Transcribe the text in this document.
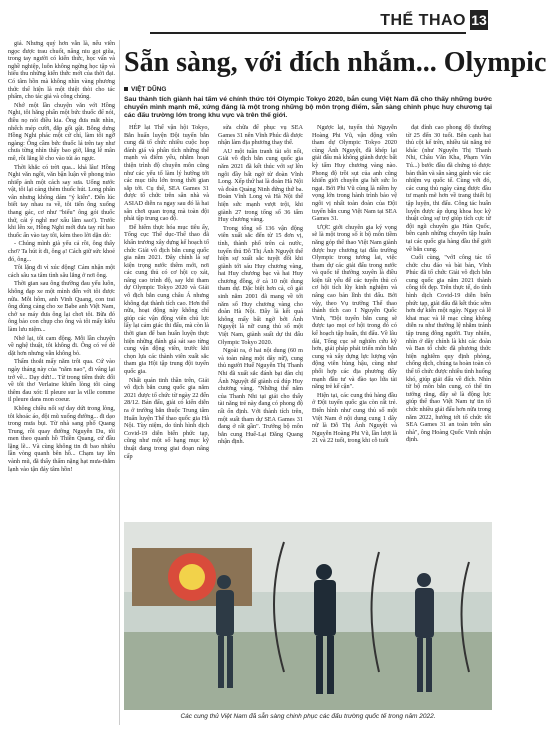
THỂ THAO 13

giả. Nhưng quý hơn vẫn là, nếu viên ngọc được trau chuốt, nâng niu gọt giũa, trong tay người có kiến thức, học vấn và nghề nghiệp, luôn không ngừng học tập và hiểu thu những kiến thức mới của thời đại. Có tâm hồn mà không nhìn vàng phương thức thể hiện là một thiệt thòi cho tác phẩm, cho tác giả và công chúng.

Nhớ một lần chuyện văn với Hồng Nghi, tôi hăng phấn một bức thuốc để nói, điều nọ nói điều kia. Ông đưa mắt nhìn, nhếch mép cười, đắp gối gật. Bỗng dưng Hồng Nghi phác một cử chỉ, làm tôi ngỡ ngàng: Ông cầm bức thuốc lá trên tay như chưa từng nhìn thấy bao giờ, lắng lẽ mân mê, rồi lẳng lẽ cho vào túi áo ngực.

Thời khắc có trời qua... khá lâu! Hồng Nghi văn ngồi, văn bận luận về phong trào nhiếp ảnh một cách say sưa. Uống nước vật, tôi lại cảng thèm thuốc hút. Long phân vân nhưng không dám "ý kiến". Đến lúc biết tay nhau ra về, tôi tiến ông xuống thang gác, cơ như "biểu" ông gói thuốc thứ, cái ý nghĩ mơ xấu lâm sao!). Trước khi lên xe, Hồng Nghi mới đưa tay rút bao thuốc ấn vào tay tôi, kèm theo lời dặn dò:

- Chúng mình già yếu cả rồi, ông thấy chơ? Ta hút ít đi, ông ạ! Cách giữ sức khoẻ đó, ông...

Tôi lặng đi vì xúc động! Cảm nhận một cách sâu xa tâm tình sâu lắng ở nơi ông.

Thời gian sau ông thường đau yếu luôn, không đạp xe một mình đến với tôi được nữa. Mỗi hôm, anh Vinh Quang, con trai ông dùng cảng cho xe Babe anh Việt Nam, chở xe máy đưa ông lại chơi tôi. Bữa đó ông bảo con chụp cho ông và tôi mấy kiểu làm lưu niệm...

Nhớ lại, tôi cam động. Mỗi lần chuyện về nghệ thuật, tôi không đi. Ông có vẻ dè dặt hơn nhưng vẫn không bỏ.

Thấm thoắt mấy năm trôi qua. Cứ vào ngày tháng này của "năm nao", đi vâng lại trở về... Dạy dứt!... Từ trong tiềm thức đối về tôi thơ Verlaine khiến lòng tôi càng thêm đau xót: Il pleure sur la ville comme il pleure dans mon coeur.

Không chiều nối sự day dứt trong lòng, tôi khoác áo, đội mũ xuống đường... đi dạo trong mưa bụi. Từ nhà sang phố Quang Trung, rồi quay đường Nguyễn Du, tôi men theo quanh hồ Thiền Quang, cứ đầu lặng lẽ... Và cùng không tin đi bao nhiêu lần vòng quanh bên hồ... Chạm tay lên vành mũ, đã thấy thấm nặng hạt mưa-thắm lạnh vào tận đáy tâm hồn!

Sẵn sàng, với đích nhắm... Olympic
VIỆT DŨNG
Sau thành tích giành hai tấm vé chính thức tới Olympic Tokyo 2020, bắn cung Việt Nam đã cho thấy những bước chuyển mình mạnh mẽ, xứng đáng là một trong những bộ môn trọng điểm, sẵn sàng chinh phục huy chương tại các đấu trường lớn trong khu vực và trên thế giới.

HÉP lại Thế vận hội Tokyo, Bắn huấn luyện Đội tuyển bắn cung đã tổ chức nhiều cuộc hop đánh giá và phân tích những thế mạnh và điểm yếu, nhằm hoạn thiện trình độ chuyên môn cũng như các yếu tố làm lý hướng tới các mục tiêu lớn trong thời gian sắp tới. Cụ thể, SEA Games 31 được tổ chức trên sân nhà và ASIAD diễn ra ngay sau đó là hai sân chơi quan trọng mà toàn đội phải tập trung cao độ.

Để hiểm thực hóa mục tiêu ấy, Tổng cục Thể dục-Thể thao đã khẩn trương xây dựng kế hoạch tổ chức Giải vô địch bắn cung quốc gia năm 2021. Đây chính là sự kiện trọng nước thêm mới, nơi các cung thủ có cơ hội cọ xát, nâng cao trình độ, say khi tham dự Olympic Tokyo 2020 và Giải vô địch bắn cung châu Á nhưng không đạt thành tích cao. Hơn thế nữa, hoạt động này không chỉ giúp các vận động viên chủ lực lấy lại cảm giác thi đấu, mà còn là thời gian để ban huấn luyện thực hiện những đánh giá sát sao từng cung vận động viên, trước khi chọn lựa các thành viên xuất sắc tham gia Hội tập trung đội tuyển quốc gia.

Nhất quán tinh thần trên, Giải vô địch bắn cung quốc gia năm 2021 được tổ chức từ ngày 22 đến 28/12. Bản đấu, giải có kiến diễn ra ở trường bắn thuộc Trung tâm Huấn luyện Thể thao quốc gia Hà Nội. Tùy niệm, do tình hình dịch Covid-19 diễn biến phức tạp, cũng như một số hạng mục kỹ thuật đang trong giai đoạn nâng cấp

sửa chữa để phục vụ SEA Games 31 nên Vĩnh Phúc đã được nhận làm địa phương thay thế.

AU một tuần tranh tài sôi nổi, Giải vô địch bắn cung quốc gia năm 2021 đã kết thúc với sự lên ngôi đầy bất ngờ từ đoàn Vĩnh Long. Xếp thứ hai là đoàn Hà Nội và đoàn Quảng Ninh đứng thứ ba. Đoàn Vĩnh Long và Hà Nội thể hiện sức mạnh vượt trội, khi giành 27 trong tổng số 36 tấm Huy chương vàng.

Trong tổng số 136 vận động viên xuất sắc đến từ 15 đơn vị, tỉnh, thành phố trên cả nước, tuyển thủ Đỗ Thị Ánh Nguyệt thể hiện sự xuất sắc tuyệt đối khi giành tới sáu Huy chương vàng, hai Huy chương bạc và hai Huy chương đồng, ở cả 10 nội dung tham dự. Đặc biệt hơn cả, cô gái sinh năm 2001 đã mang về tới năm số Huy chương vàng cho đoàn Hà Nội. Đây là kết quả không mấy bất ngờ bởi Ánh Nguyệt là nữ cung thủ số một Việt Nam, giành suất dự thi đấu Olympic Tokyo 2020.

Ngoài ra, ở hai nội dung (60 m và toàn năng một dây nữ), cung thủ người Huế Nguyễn Thị Thanh Nhi đã xuất sắc đánh bại đàn chị Ánh Nguyệt để giành cú đúp Huy chương vàng. "Những thế năm của Thanh Nhi tại giải cho thấy tài năng trẻ này đang có phong độ rất ổn định. Với thành tích trên, một suất tham dự SEA Games 31 đang ở rất gần". Trưởng bộ môn bắn cung Huế-Lại Đăng Quang nhận định.

Ngược lại, tuyển thủ Nguyễn Hoàng Phi Vũ, vận động viên tham dự Olympic Tokyo 2020 cùng Ánh Nguyệt, đã khép lại giải đấu mà không giành được bất kỳ tấm Huy chương vàng nào. Phong độ trồi sụt của anh cũng khiến giới chuyên gia hết sức lo ngại. Bởi Phi Vũ cùng là niềm hy vọng lớn trong hành trình bảo vệ ngôi vị nhất toàn đoàn của Đội tuyển bắn cung Việt Nam tại SEA Games 31.

ƯỢC giới chuyên gia ký vọng sẽ là một trong số ít bộ môn tiềm năng góp thể thao Việt Nam giành được huy chương tại đấu trường Olympic trong tương lai, việc tham dự các giải đấu trong nước và quốc tế thường xuyên là điều kiện tất yếu để các tuyển thủ có cơ hội tích lũy kinh nghiệm và nâng cao bản lĩnh thi đấu. Bởi vậy, theo Vụ trưởng Thể thao thành tích cao I Nguyễn Quốc Vinh, "Đội tuyển bắn cung sẽ được tạo mọi cơ hội trong đó có kế hoạch tập huấn, thi đấu. Về lâu dài, Tổng cục sẽ nghiên cứu kỹ hơn, giải pháp phát triển môn bắn cung và xây dựng lực lượng vận động viên hùng hậu, cùng như phối hợp các địa phương đẩy mạnh đầu tư và đào tạo lứa tài năng trẻ kế cận".

Hiện tại, các cung thủ hàng đầu ở Đội tuyển quốc gia còn rất trẻ. Điển hình như cung thủ số một Việt Nam ở nội dung cung 1 dây nữ là Đỗ Thị Ánh Nguyệt và Nguyễn Hoàng Phi Vũ, lần lượt là 21 và 22 tuổi, trong khi cỗ tuổi

đạt đỉnh cao phong độ thường từ 25 đến 30 tuổi. Bên cạnh hai thủ cột kể trên, nhiều tài năng trẻ khác (như Nguyễn Thị Thanh Nhi, Châu Văn Kha, Phạm Văn Tú...) bước đầu đã chứng tỏ được bản thân và sẵn sàng gánh vác các nhiệm vụ quốc tế. Cùng với đó, các cung thủ ngày càng được đầu tư mạnh mẽ hơn về trang thiết bị tập luyện, thi đấu. Công tác huấn luyện được áp dụng khoa học kỹ thuật cũng sự trợ giúp tích cực từ đội ngũ chuyên gia Hàn Quốc, bên cạnh những chuyến tập huấn tại các quốc gia hàng đầu thế giới về bắn cung.

Cuối cùng, "vớI công tác tổ chức chu đáo và bài bản, Vĩnh Phúc đã tổ chức Giải vô địch bắn cung quốc gia năm 2021 thành công tốt đẹp. Trên thực tế, do tình hình dịch Covid-19 diễn biến phức tạp, giải đấu đã kết thúc sớm hơn dự kiến một ngày. Ngay cả lễ khai mạc và lễ mạc cũng không diễn ra như thường lệ nhằm tránh tập trung đông người. Tuy nhiên, nhìn ở dây chính là khi các đoàn và Ban tổ chức đã phương thức hiện nghiêm quy định phòng, chống dịch, chúng ta hoàn toàn có thể tổ chức được nhiều tình huống khó, giúp giải đấu về đích. Nhìn từ bộ môn bắn cung, có thể tin tưởng rằng, đây sẽ là động lực giúp thể thao Việt Nam tự tin tổ chức nhiều giải đấu hơn nữa trong năm 2022, hướng tới tổ chức tốt SEA Games 31 an toàn trên sân nhà", ông Hoàng Quốc Vinh nhận định.

Các cung thủ Việt Nam đã sẵn sàng chinh phục các đấu trường quốc tế trong năm 2022.
